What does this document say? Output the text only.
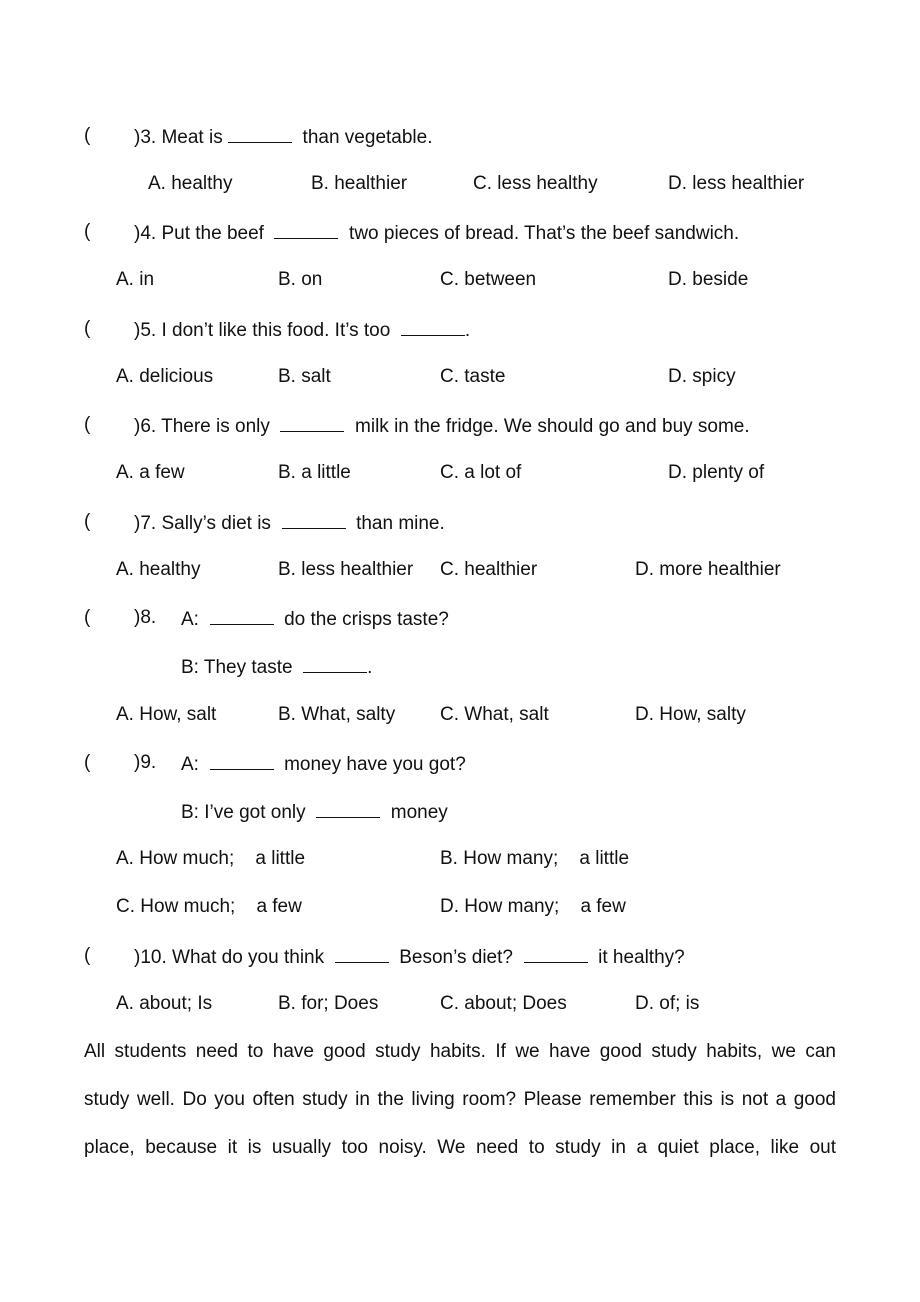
( )3. Meat is	than vegetable.
A. healthy	B. healthier	C. less healthy	D. less healthier
( )4. Put the beef	two pieces of bread. That’s the beef sandwich.
A. in	B. on	C. between	D. beside
( )5. I don’t like this food. It’s too	.
A. delicious	B. salt	C. taste	D. spicy
( )6. There is only	milk in the fridge. We should go and buy some.
A. a few	B. a little	C. a lot of	D. plenty of
( )7. Sally’s diet is	than mine.
A. healthy	B. less healthier C. healthier	D. more healthier
( )8. A:	do the crisps taste?
B: They taste	.
A. How, salt	B. What, salty C. What, salt	D. How, salty
( )9. A:	money have you got?
B: I’ve got only	money
A. How much; a little	B. How many; a little
C. How much; a few	D. How many; a few
( )10. What do you think	Beson’s diet?	it healthy?
A. about; Is	B. for; Does	C. about; Does	D. of; is
All students need to have good study habits. If we have good study habits, we can
study well. Do you often study in the living room? Please remember this is not a good
place, because it is usually too noisy. We need to study in a quiet place, like out
